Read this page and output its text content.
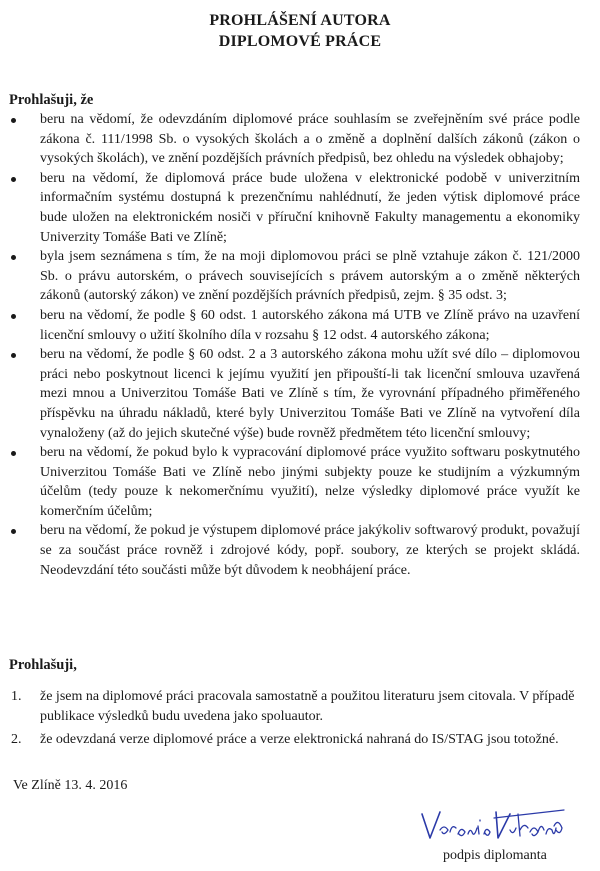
PROHLÁŠENÍ AUTORA
DIPLOMOVÉ PRÁCE
Prohlašuji, že
beru na vědomí, že odevzdáním diplomové práce souhlasím se zveřejněním své práce podle zákona č. 111/1998 Sb. o vysokých školách a o změně a doplnění dalších zákonů (zákon o vysokých školách), ve znění pozdějších právních předpisů, bez ohledu na výsledek obhajoby;
beru na vědomí, že diplomová práce bude uložena v elektronické podobě v univerzitním informačním systému dostupná k prezenčnímu nahlédnutí, že jeden výtisk diplomové práce bude uložen na elektronickém nosiči v příruční knihovně Fakulty managementu a ekonomiky Univerzity Tomáše Bati ve Zlíně;
byla jsem seznámena s tím, že na moji diplomovou práci se plně vztahuje zákon č. 121/2000 Sb. o právu autorském, o právech souvisejících s právem autorským a o změně některých zákonů (autorský zákon) ve znění pozdějších právních předpisů, zejm. § 35 odst. 3;
beru na vědomí, že podle § 60 odst. 1 autorského zákona má UTB ve Zlíně právo na uzavření licenční smlouvy o užití školního díla v rozsahu § 12 odst. 4 autorského zákona;
beru na vědomí, že podle § 60 odst. 2 a 3 autorského zákona mohu užít své dílo – diplomovou práci nebo poskytnout licenci k jejímu využití jen připouští-li tak licenční smlouva uzavřená mezi mnou a Univerzitou Tomáše Bati ve Zlíně s tím, že vyrovnání případného přiměřeného příspěvku na úhradu nákladů, které byly Univerzitou Tomáše Bati ve Zlíně na vytvoření díla vynaloženy (až do jejich skutečné výše) bude rovněž předmětem této licenční smlouvy;
beru na vědomí, že pokud bylo k vypracování diplomové práce využito softwaru poskytnutého Univerzitou Tomáše Bati ve Zlíně nebo jinými subjekty pouze ke studijním a výzkumným účelům (tedy pouze k nekomerčnímu využití), nelze výsledky diplomové práce využít ke komerčním účelům;
beru na vědomí, že pokud je výstupem diplomové práce jakýkoliv softwarový produkt, považují se za součást práce rovněž i zdrojové kódy, popř. soubory, ze kterých se projekt skládá. Neodevzdání této součásti může být důvodem k neobhájení práce.
Prohlašuji,
1. že jsem na diplomové práci pracovala samostatně a použitou literaturu jsem citovala. V případě publikace výsledků budu uvedena jako spoluautor.
2. že odevzdaná verze diplomové práce a verze elektronická nahraná do IS/STAG jsou totožné.
Ve Zlíně 13. 4. 2016
podpis diplomanta
